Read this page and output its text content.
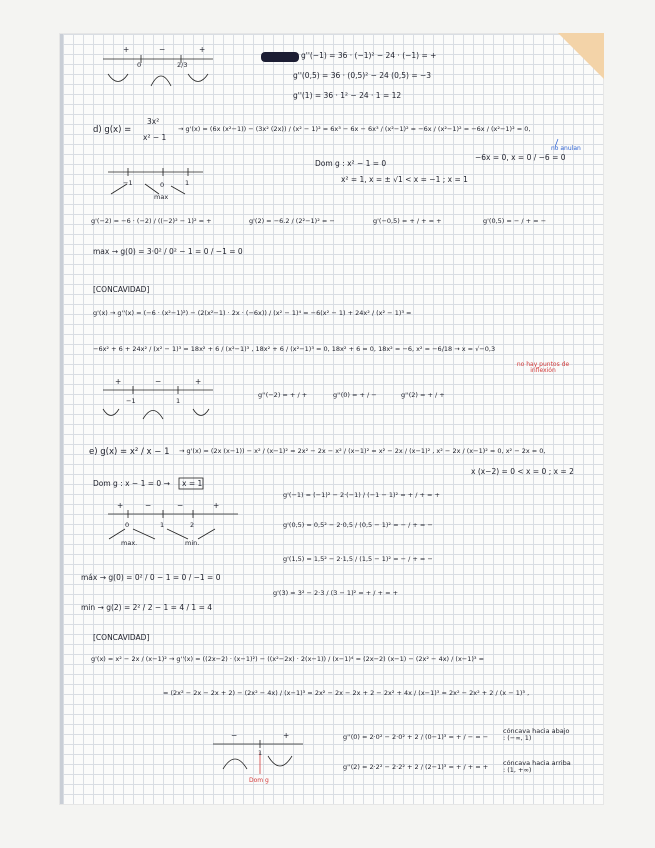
+	−	+
0	2/3
g''(−1) = 36 · (−1)² − 24 · (−1) = +
g''(0,5) = 36 · (0,5)² − 24 (0,5) = −3
g''(1) = 36 · 1² − 24 · 1 = 12
d) g(x) =
3x²
x² − 1
→ g'(x) = (6x (x²−1)) − (3x² (2x)) / (x² − 1)² = 6x³ − 6x − 6x³ / (x²−1)² = −6x / (x²−1)² = −6x / (x²−1)² = 0,
no anulan
Dom g : x² − 1 = 0
x² = 1, x = ± √1 < x = −1 ; x = 1
−6x = 0, x = 0 / −6 = 0
−1	0	1
max
g'(−2) = −6 · (−2) / ((−2)² − 1)² = +	g'(2) = −6.2 / (2²−1)² = −	g'(−0,5) = + / + = +	g'(0,5) = − / + = −
max → g(0) = 3·0² / 0² − 1 = 0 / −1 = 0
[CONCAVIDAD]
g'(x) → g''(x) = (−6 · (x²−1)²) − (2(x²−1) · 2x · (−6x)) / (x² − 1)⁴ = −6(x² − 1) + 24x² / (x² − 1)³ =
−6x² + 6 + 24x² / (x² − 1)³ = 18x² + 6 / (x²−1)³ , 18x² + 6 / (x²−1)³ = 0, 18x² + 6 = 0, 18x² = −6, x² = −6/18 → x = √−0,3
no hay puntos de inflexión
+	−	+
−1	1
g''(−2) = + / +	g''(0) = + / −	g''(2) = + / +
e) g(x) = x² / x − 1 → g'(x) = (2x (x−1)) − x² / (x−1)² = 2x² − 2x − x² / (x−1)² = x² − 2x / (x−1)² , x² − 2x / (x−1)² = 0, x² − 2x = 0,
x (x−2) = 0 < x = 0 ; x = 2
Dom g : x − 1 = 0 → x = 1
+	−	−	+
0	1	2
max.	min.
g'(−1) = (−1)² − 2·(−1) / (−1 − 1)² = + / + = +
g'(0,5) = 0,5² − 2·0,5 / (0,5 − 1)² = − / + = −
g'(1,5) = 1,5² − 2·1,5 / (1,5 − 1)² = − / + = −
g'(3) = 3² − 2·3 / (3 − 1)² = + / + = +
máx → g(0) = 0² / 0 − 1 = 0 / −1 = 0
min → g(2) = 2² / 2 − 1 = 4 / 1 = 4
[CONCAVIDAD]
g'(x) = x² − 2x / (x−1)² → g''(x) = ((2x−2) · (x−1)²) − ((x²−2x) · 2(x−1)) / (x−1)⁴ = (2x−2) (x−1) − (2x² − 4x) / (x−1)³ =
= (2x² − 2x − 2x + 2) − (2x² − 4x) / (x−1)³ = 2x² − 2x − 2x + 2 − 2x² + 4x / (x−1)³ = 2x² − 2x² + 2 / (x − 1)³ ,
−	+
1
Dom g
g''(0) = 2·0² − 2·0² + 2 / (0−1)³ = + / − = −
g''(2) = 2·2² − 2·2² + 2 / (2−1)³ = + / + = +
cóncava hacia abajo : (−∞, 1)
cóncava hacia arriba : (1, +∞)
